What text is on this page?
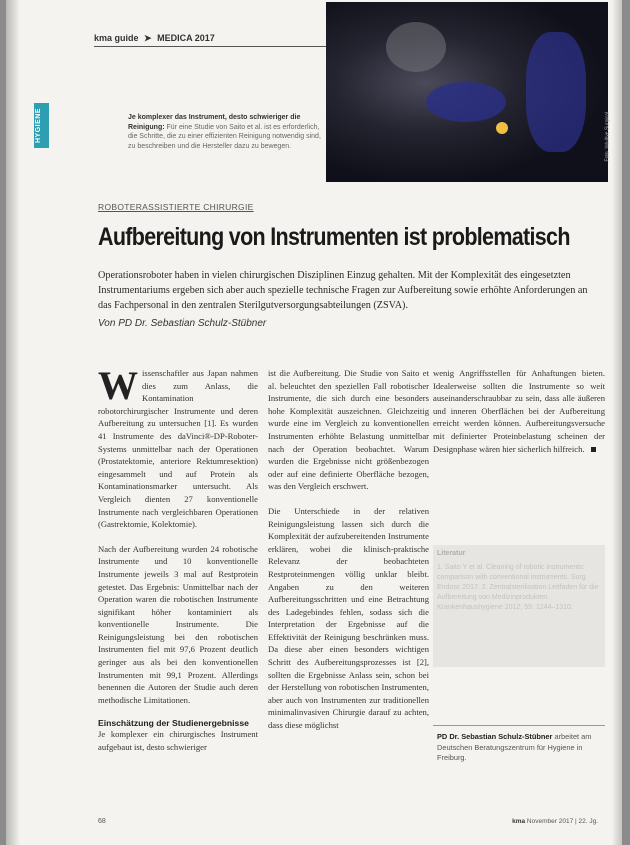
kma guide ➤ MEDICA 2017
HYGIENE	Foto: Intuitive Surgical
Je komplexer das Instrument, desto schwieriger die Reinigung: Für eine Studie von Saito et al. ist es erforderlich, die Schritte, die zu einer effizienten Reinigung notwendig sind, zu beschreiben und die Hersteller dazu zu bewegen.
ROBOTERASSISTIERTE CHIRURGIE
Aufbereitung von Instrumenten ist problematisch
Operationsroboter haben in vielen chirurgischen Disziplinen Einzug gehalten. Mit der Komplexität des eingesetzten Instrumentariums ergeben sich aber auch spezielle technische Fragen zur Aufbereitung sowie erhöhte Anforderungen an das Fachpersonal in den zentralen Sterilgutversorgungsabteilungen (ZSVA).
Von PD Dr. Sebastian Schulz-Stübner

Wissenschaftler aus Japan nahmen dies zum Anlass, die Kontamination robotorchirurgischer Instrumente und deren Aufbereitung zu untersuchen [1]. Es wurden 41 Instrumente des daVinci®-DP-Roboter-Systems unmittelbar nach der Operationen (Prostatektomie, anteriore Rektumresektion) eingesammelt und auf Protein als Kontaminationsmarker untersucht. Als Vergleich dienten 27 konventionelle Instrumente nach vergleichbaren Operationen (Gastrektomie, Kolektomie).

Nach der Aufbereitung wurden 24 robotische Instrumente und 10 konventionelle Instrumente jeweils 3 mal auf Restprotein getestet. Das Ergebnis: Unmittelbar nach der Operation waren die robotischen Instrumente signifikant höher kontaminiert als konventionelle Instrumente. Die Reinigungsleistung bei den robotischen Instrumenten fiel mit 97,6 Prozent deutlich geringer aus als bei den konventionellen Instrumenten mit 99,1 Prozent. Allerdings benennen die Autoren der Studie auch deren methodische Limitationen.

Einschätzung der Studienergebnisse

Je komplexer ein chirurgisches Instrument aufgebaut ist, desto schwieriger

ist die Aufbereitung. Die Studie von Saito et al. beleuchtet den speziellen Fall robotischer Instrumente, die sich durch eine besonders hohe Komplexität auszeichnen. Gleichzeitig wurde eine im Vergleich zu konventionellen Instrumenten erhöhte Belastung unmittelbar nach der Operation beobachtet. Warum wurden die Ergebnisse nicht größenbezogen oder auf eine definierte Oberfläche bezogen, was den Vergleich erschwert.

Die Unterschiede in der relativen Reinigungsleistung lassen sich durch die Komplexität der aufzubereitenden Instrumente erklären, wobei die klinisch-praktische Relevanz der beobachteten Restproteinmengen völlig unklar bleibt. Angaben zu den weiteren Aufbereitungsschritten und eine Betrachtung des Ladegebindes fehlen, sodass sich die Interpretation der Ergebnisse auf die Effektivität der Reinigung beschränken muss. Da diese aber einen besonders wichtigen Schritt des Aufbereitungsprozesses ist [2], sollten die Ergebnisse Anlass sein, schon bei der Herstellung von robotischen Instrumenten, aber auch von Instrumenten zur traditionellen minimalinvasiven Chirurgie darauf zu achten, dass diese möglichst

wenig Angriffsstellen für Anhaftungen bieten. Idealerweise sollten die Instrumente so weit auseinanderschraubbar zu sein, dass alle äußeren und inneren Oberflächen bei der Aufbereitung erreicht werden können. Aufbereitungsversuche mit definierter Proteinbelastung scheinen der Designphase wären hier sicherlich hilfreich.

Literatur
1. Saito Y et al. Cleaning of robotic instruments: comparison with conventional instruments. Surg Endosc 2017. 2. Zentralsterilisation Leitfaden für die Aufbereitung von Medizinprodukten. Krankenhaushygiene 2012; 55: 1244–1310.
PD Dr. Sebastian Schulz-Stübner arbeitet am Deutschen Beratungszentrum für Hygiene in Freiburg.
68	kma November 2017 | 22. Jg.
